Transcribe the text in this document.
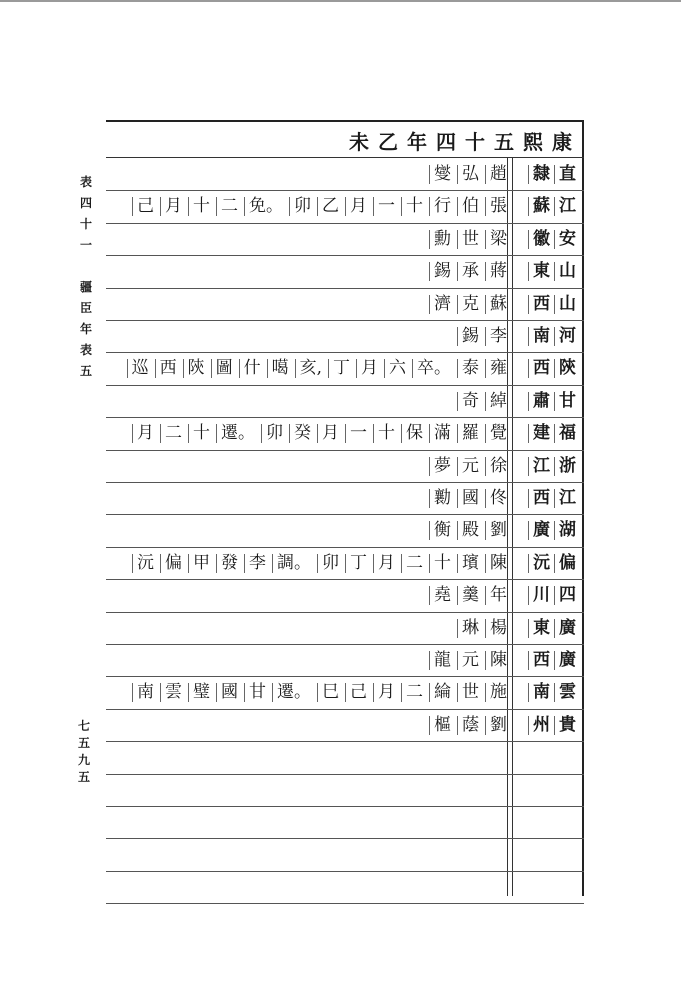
表
四
十
一

疆
臣
年
表
五
七
五
九
五
康
熙
五
十
四
年
乙
未
直
隸
趙
弘
燮
江
蘇
張
伯
行
十
一
月
乙
卯
免。
二
十
月
己
安
徽
梁
世
勳
山
東
蔣
承
錫
山
西
蘇
克
濟
河
南
李
錫
陝
西
雍
泰
卒。
六
月
丁
亥,
噶
什
圖
陝
西
巡
甘
肅
綽
奇
福
建
覺
羅
滿
保
十
一
月
癸
卯
遷。
十
二
月
浙
江
徐
元
夢
江
西
佟
國
勷
湖
廣
劉
殿
衡
偏
沅
陳
璸
十
二
月
丁
卯
調。
李
發
甲
偏
沅
四
川
年
羹
堯
廣
東
楊
琳
廣
西
陳
元
龍
雲
南
施
世
綸
二
月
己
巳
遷。
甘
國
璧
雲
南
貴
州
劉
蔭
樞
